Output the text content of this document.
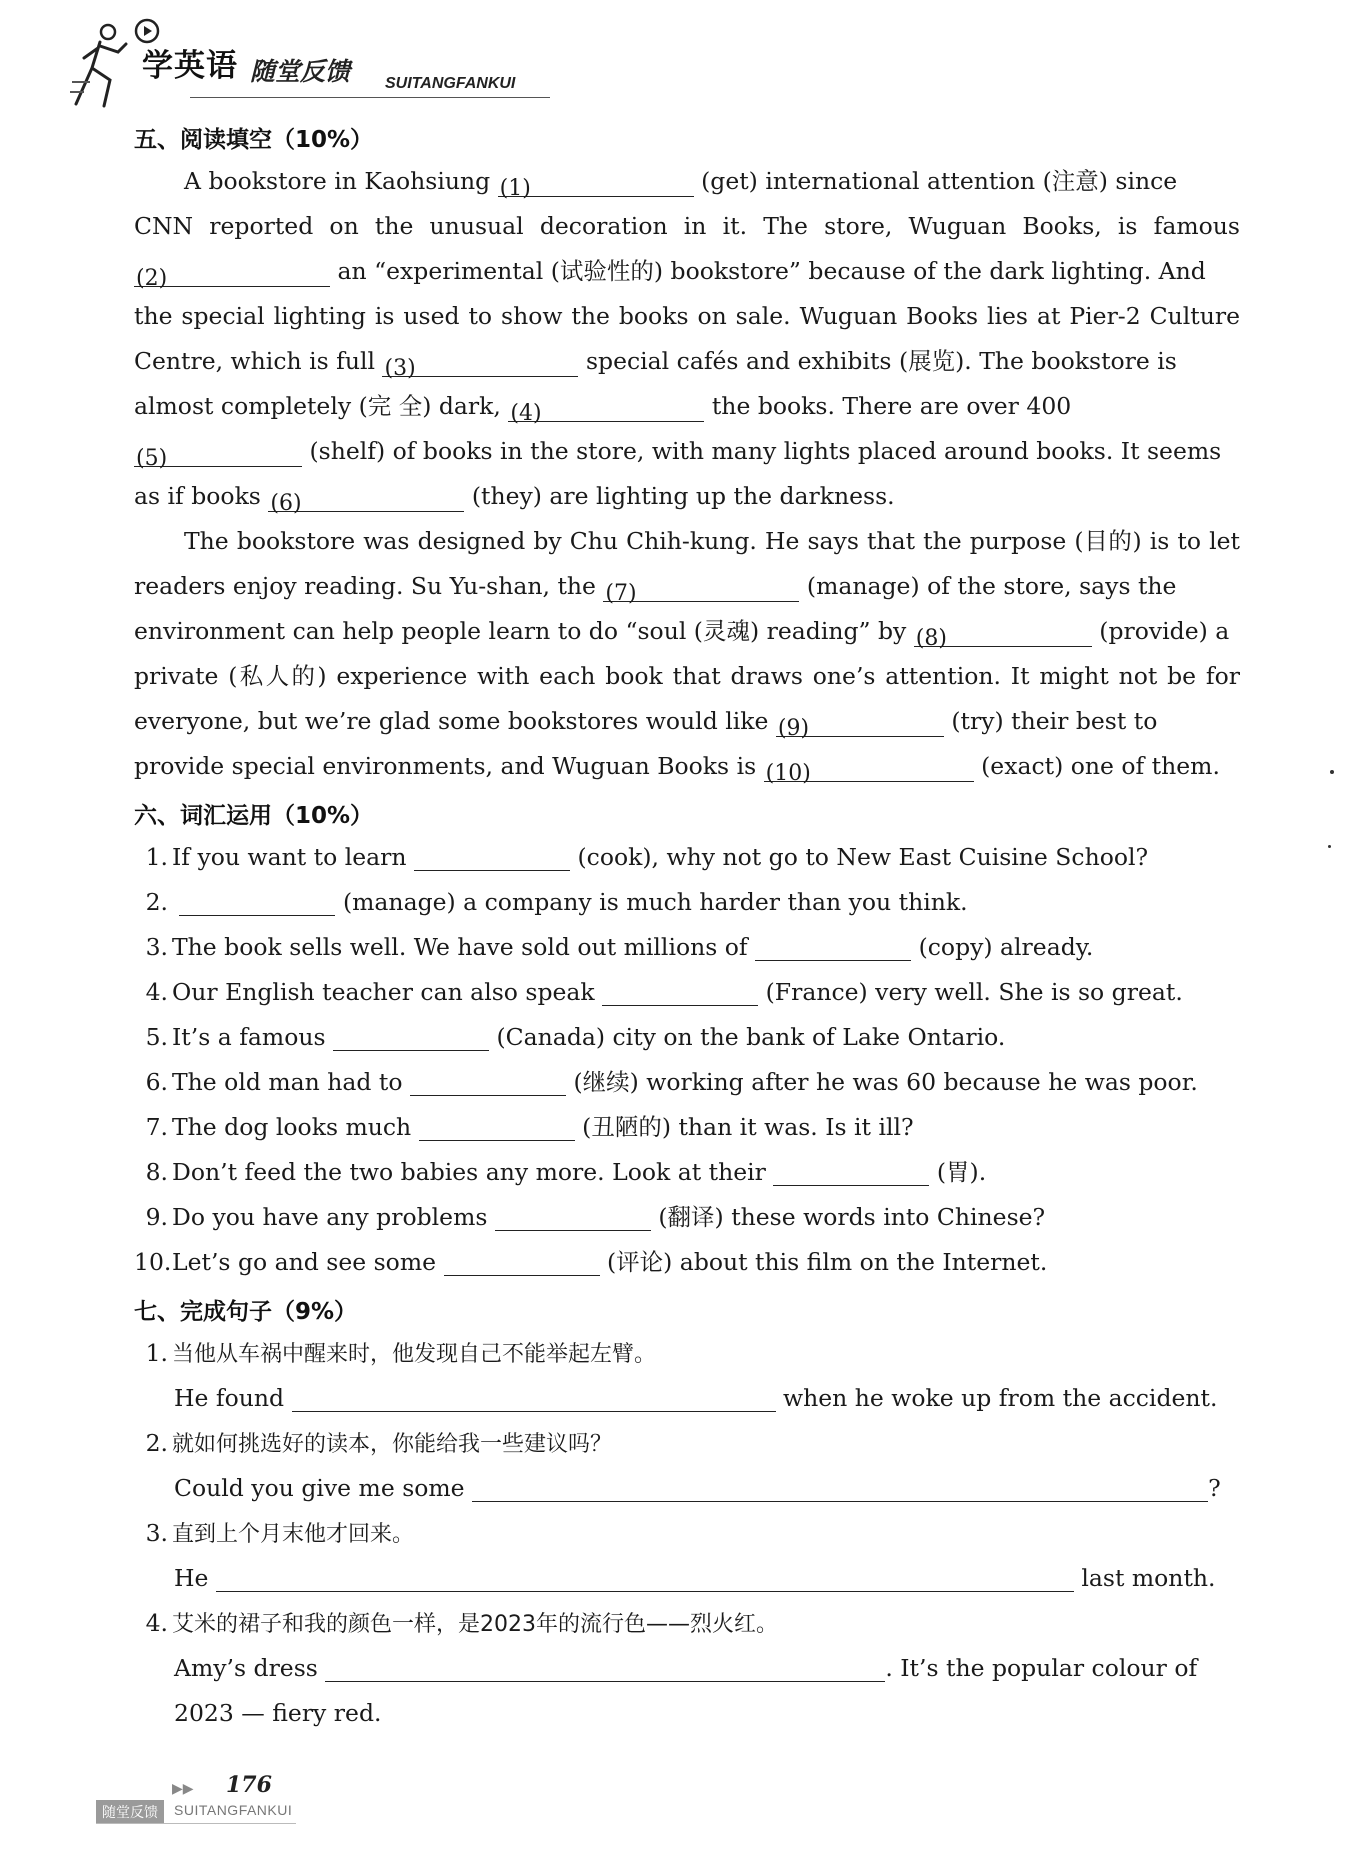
学英语 随堂反馈 SUITANGFANKUI
五、阅读填空（10%）
A bookstore in Kaohsiung (1)	(get) international attention (注意) since
CNN reported on the unusual decoration in it. The store, Wuguan Books, is famous
(2)	an “experimental (试验性的) bookstore” because of the dark lighting. And
the special lighting is used to show the books on sale. Wuguan Books lies at Pier-2 Culture
Centre, which is full (3)	special cafés and exhibits (展览). The bookstore is
almost completely (完 全) dark, (4)	the books. There are over 400
(5)	(shelf) of books in the store, with many lights placed around books. It seems
as if books (6)	(they) are lighting up the darkness.
The bookstore was designed by Chu Chih-kung. He says that the purpose (目的) is to let
readers enjoy reading. Su Yu-shan, the (7)	(manage) of the store, says the
environment can help people learn to do “soul (灵魂) reading” by (8)	(provide) a
private (私人的) experience with each book that draws one’s attention. It might not be for
everyone, but we’re glad some bookstores would like (9)	(try) their best to
provide special environments, and Wuguan Books is (10)	(exact) one of them.
六、词汇运用（10%）
1. If you want to learn	(cook), why not go to New East Cuisine School?
2.	(manage) a company is much harder than you think.
3. The book sells well. We have sold out millions of	(copy) already.
4. Our English teacher can also speak	(France) very well. She is so great.
5. It’s a famous	(Canada) city on the bank of Lake Ontario.
6. The old man had to	(继续) working after he was 60 because he was poor.
7. The dog looks much	(丑陋的) than it was. Is it ill?
8. Don’t feed the two babies any more. Look at their	(胃).
9. Do you have any problems	(翻译) these words into Chinese?
10.Let’s go and see some	(评论) about this film on the Internet.
七、完成句子（9%）
1. 当他从车祸中醒来时，他发现自己不能举起左臂。
He found	when he woke up from the accident.
2. 就如何挑选好的读本，你能给我一些建议吗？
Could you give me some	?
3. 直到上个月末他才回来。
He	last month.
4. 艾米的裙子和我的颜色一样，是2023年的流行色——烈火红。
Amy’s dress	. It’s the popular colour of
2023 — fiery red.
▶▶ 176
随堂反馈	SUITANGFANKUI
